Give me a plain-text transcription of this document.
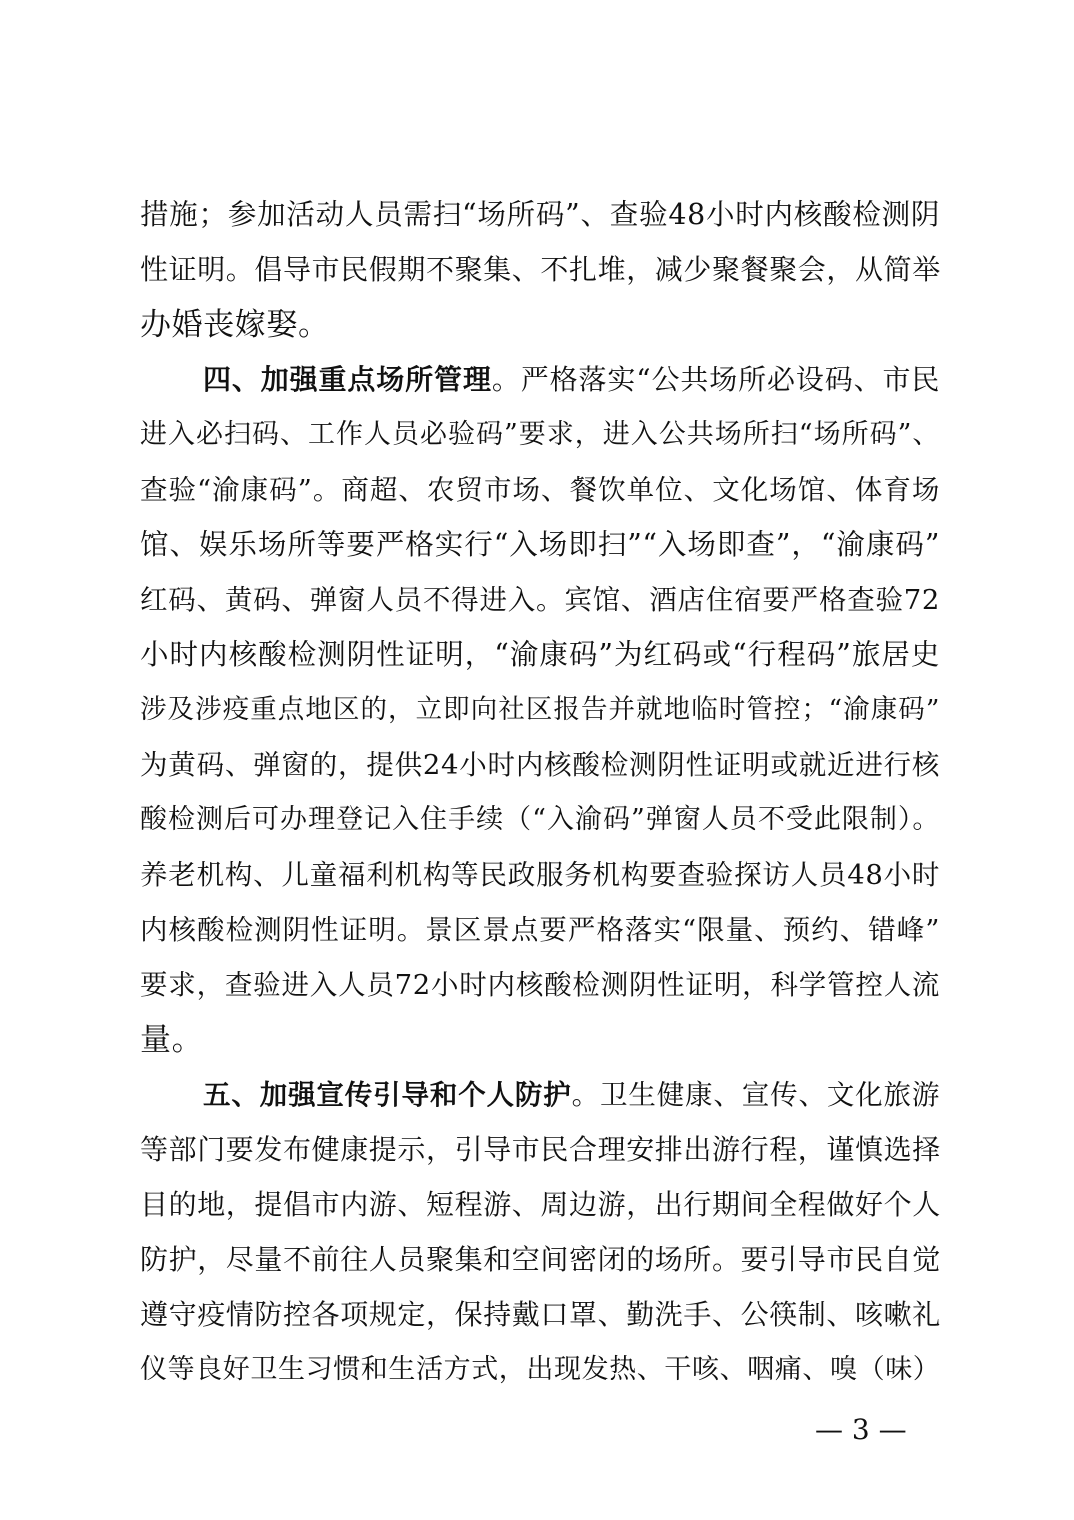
措施；参加活动人员需扫“场所码”、查验48小时内核酸检测阴
性证明。倡导市民假期不聚集、不扎堆，减少聚餐聚会，从简举
办婚丧嫁娶。
四、加强重点场所管理。严格落实“公共场所必设码、市民
进入必扫码、工作人员必验码”要求，进入公共场所扫“场所码”、
查验“渝康码”。商超、农贸市场、餐饮单位、文化场馆、体育场
馆、娱乐场所等要严格实行“入场即扫”“入场即查”，“渝康码”
红码、黄码、弹窗人员不得进入。宾馆、酒店住宿要严格查验72
小时内核酸检测阴性证明，“渝康码”为红码或“行程码”旅居史
涉及涉疫重点地区的，立即向社区报告并就地临时管控；“渝康码”
为黄码、弹窗的，提供24小时内核酸检测阴性证明或就近进行核
酸检测后可办理登记入住手续（“入渝码”弹窗人员不受此限制）。
养老机构、儿童福利机构等民政服务机构要查验探访人员48小时
内核酸检测阴性证明。景区景点要严格落实“限量、预约、错峰”
要求，查验进入人员72小时内核酸检测阴性证明，科学管控人流
量。
五、加强宣传引导和个人防护。卫生健康、宣传、文化旅游
等部门要发布健康提示，引导市民合理安排出游行程，谨慎选择
目的地，提倡市内游、短程游、周边游，出行期间全程做好个人
防护，尽量不前往人员聚集和空间密闭的场所。要引导市民自觉
遵守疫情防控各项规定，保持戴口罩、勤洗手、公筷制、咳嗽礼
仪等良好卫生习惯和生活方式，出现发热、干咳、咽痛、嗅（味）
— 3 —
